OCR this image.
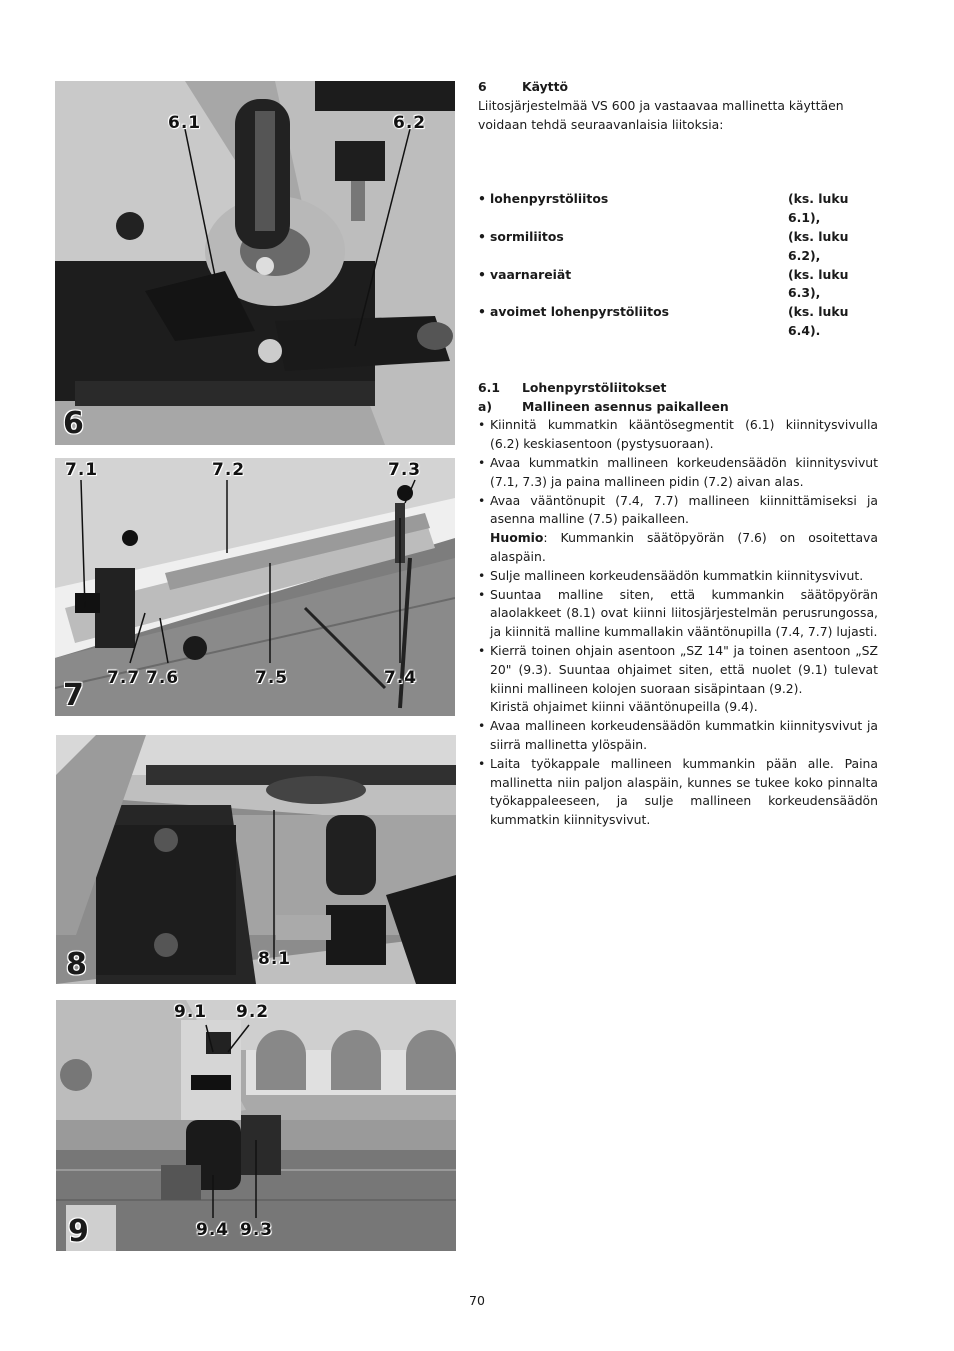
6.1	6.2
6
7.1	7.2	7.3
7.7 7.6	7.5	7.4
7
8.1
8
9.1 9.2
9.4 9.3
9
6	Käyttö

Liitosjärjestelmää VS 600 ja vastaavaa mallinetta käyttäen voidaan tehdä seuraavanlaisia liitoksia:

• lohenpyrstöliitos	(ks. luku 6.1),
• sormiliitos	(ks. luku 6.2),
• vaarnareiät	(ks. luku 6.3),
• avoimet lohenpyrstöliitos	(ks. luku 6.4).
6.1	Lohenpyrstöliitokset
a)	Mallineen asennus paikalleen
• Kiinnitä kummatkin kääntösegmentit (6.1) kiinnitysvivulla (6.2) keskiasentoon (pystysuoraan).
• Avaa kummatkin mallineen korkeudensäädön kiinnitysvivut (7.1, 7.3) ja paina mallineen pidin (7.2) aivan alas.
• Avaa vääntönupit (7.4, 7.7) mallineen kiinnittämiseksi ja asenna malline (7.5) paikalleen.
Huomio: Kummankin säätöpyörän (7.6) on osoitettava alaspäin.
• Sulje mallineen korkeudensäädön kummatkin kiinnitysvivut.
• Suuntaa malline siten, että kummankin säätöpyörän alaolakkeet (8.1) ovat kiinni liitosjärjestelmän perusrungossa, ja kiinnitä malline kummallakin vääntönupilla (7.4, 7.7) lujasti.
• Kierrä toinen ohjain asentoon „SZ 14" ja toinen asentoon „SZ 20" (9.3). Suuntaa ohjaimet siten, että nuolet (9.1) tulevat kiinni mallineen kolojen suoraan sisäpintaan (9.2).
Kiristä ohjaimet kiinni vääntönupeilla (9.4).
• Avaa mallineen korkeudensäädön kummatkin kiinnitysvivut ja siirrä mallinetta ylöspäin.
• Laita työkappale mallineen kummankin pään alle. Paina mallinetta niin paljon alaspäin, kunnes se tukee koko pinnalta työkappaleeseen, ja sulje mallineen korkeudensäädön kummatkin kiinnitysvivut.
70
